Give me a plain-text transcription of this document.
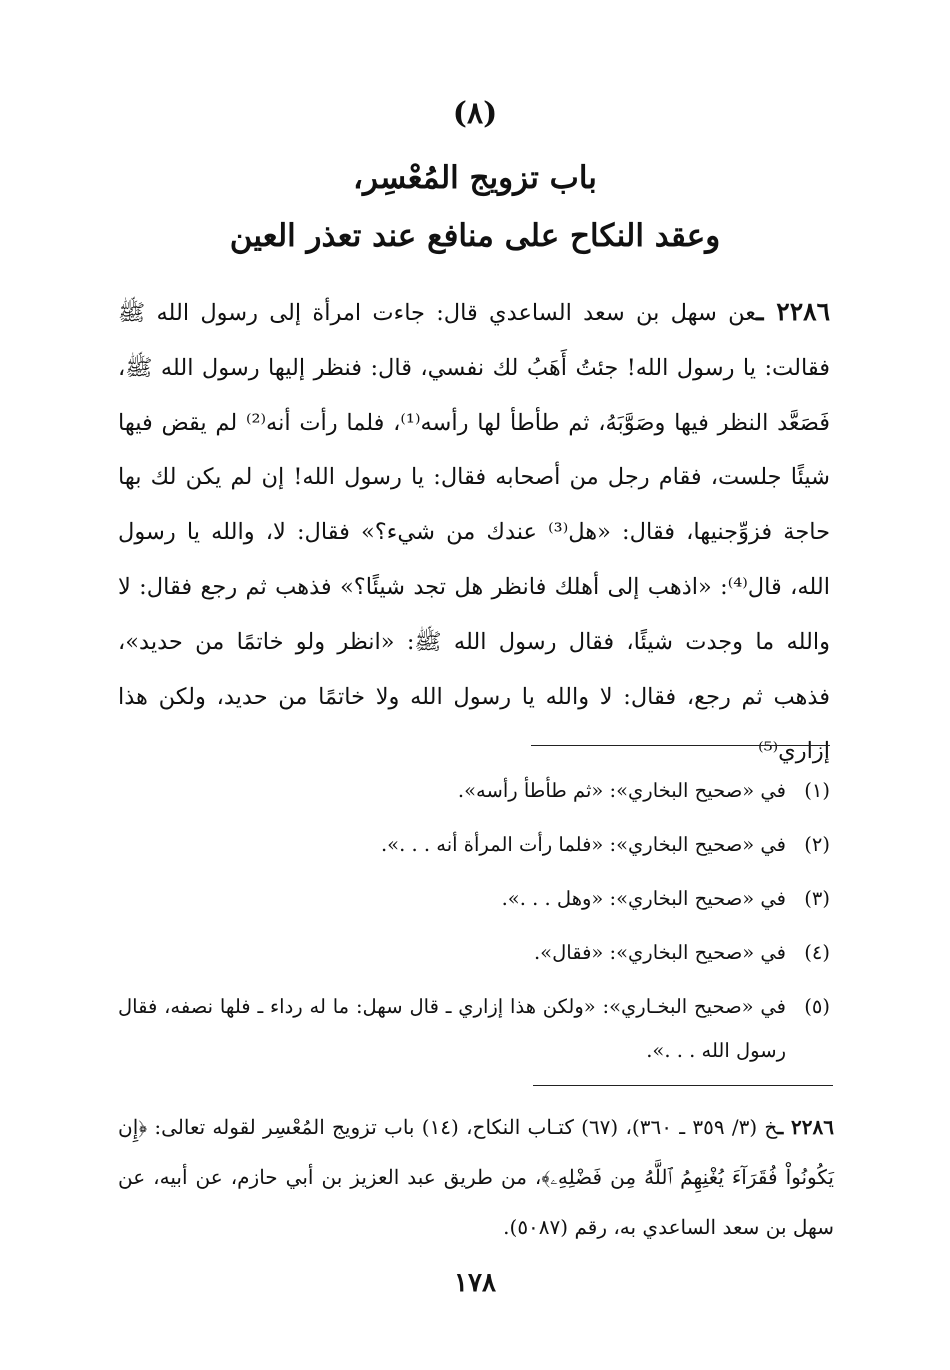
(٨)
باب تزويج المُعْسِر،
وعقد النكاح على منافع عند تعذر العين

٢٢٨٦ ـعن سهل بن سعد الساعدي قال: جاءت امرأة إلى رسول الله ﷺ فقالت: يا رسول الله! جئتُ أَهَبُ لك نفسي، قال: فنظر إليها رسول الله ﷺ، فَصَعَّد النظر فيها وصَوَّبَهُ، ثم طأطأ لها رأسه⁽¹⁾، فلما رأت أنه⁽²⁾ لم يقض فيها شيئًا جلست، فقام رجل من أصحابه فقال: يا رسول الله! إن لم يكن لك بها حاجة فزوِّجنيها، فقال: «هل⁽³⁾ عندك من شيء؟» فقال: لا، والله يا رسول الله، قال⁽⁴⁾: «اذهب إلى أهلك فانظر هل تجد شيئًا؟» فذهب ثم رجع فقال: لا والله ما وجدت شيئًا، فقال رسول الله ﷺ: «انظر ولو خاتمًا من حديد»، فذهب ثم رجع، فقال: لا والله يا رسول الله ولا خاتمًا من حديد، ولكن هذا إزاري⁽⁵⁾

(١)
في «صحيح البخاري»: «ثم طأطأ رأسه».
(٢)
في «صحيح البخاري»: «فلما رأت المرأة أنه . . .».
(٣)
في «صحيح البخاري»: «وهل . . .».
(٤)
في «صحيح البخاري»: «فقال».
(٥)
في «صحيح البخـاري»: «ولكن هذا إزاري ـ قال سهل: ما له رداء ـ فلها نصفه، فقال رسول الله . . .».
٢٢٨٦ ـخ (٣/ ٣٥٩ ـ ٣٦٠)، (٦٧) كتـاب النكاح، (١٤) باب تزويج المُعْسِر لقوله تعالى: ﴿إِن يَكُونُواْ فُقَرَآءَ يُغْنِهِمُ ٱللَّهُ مِن فَضْلِهِۦ﴾، من طريق عبد العزيز بن أبي حازم، عن أبيه، عن سهل بن سعد الساعدي به، رقم (٥٠٨٧).
١٧٨
